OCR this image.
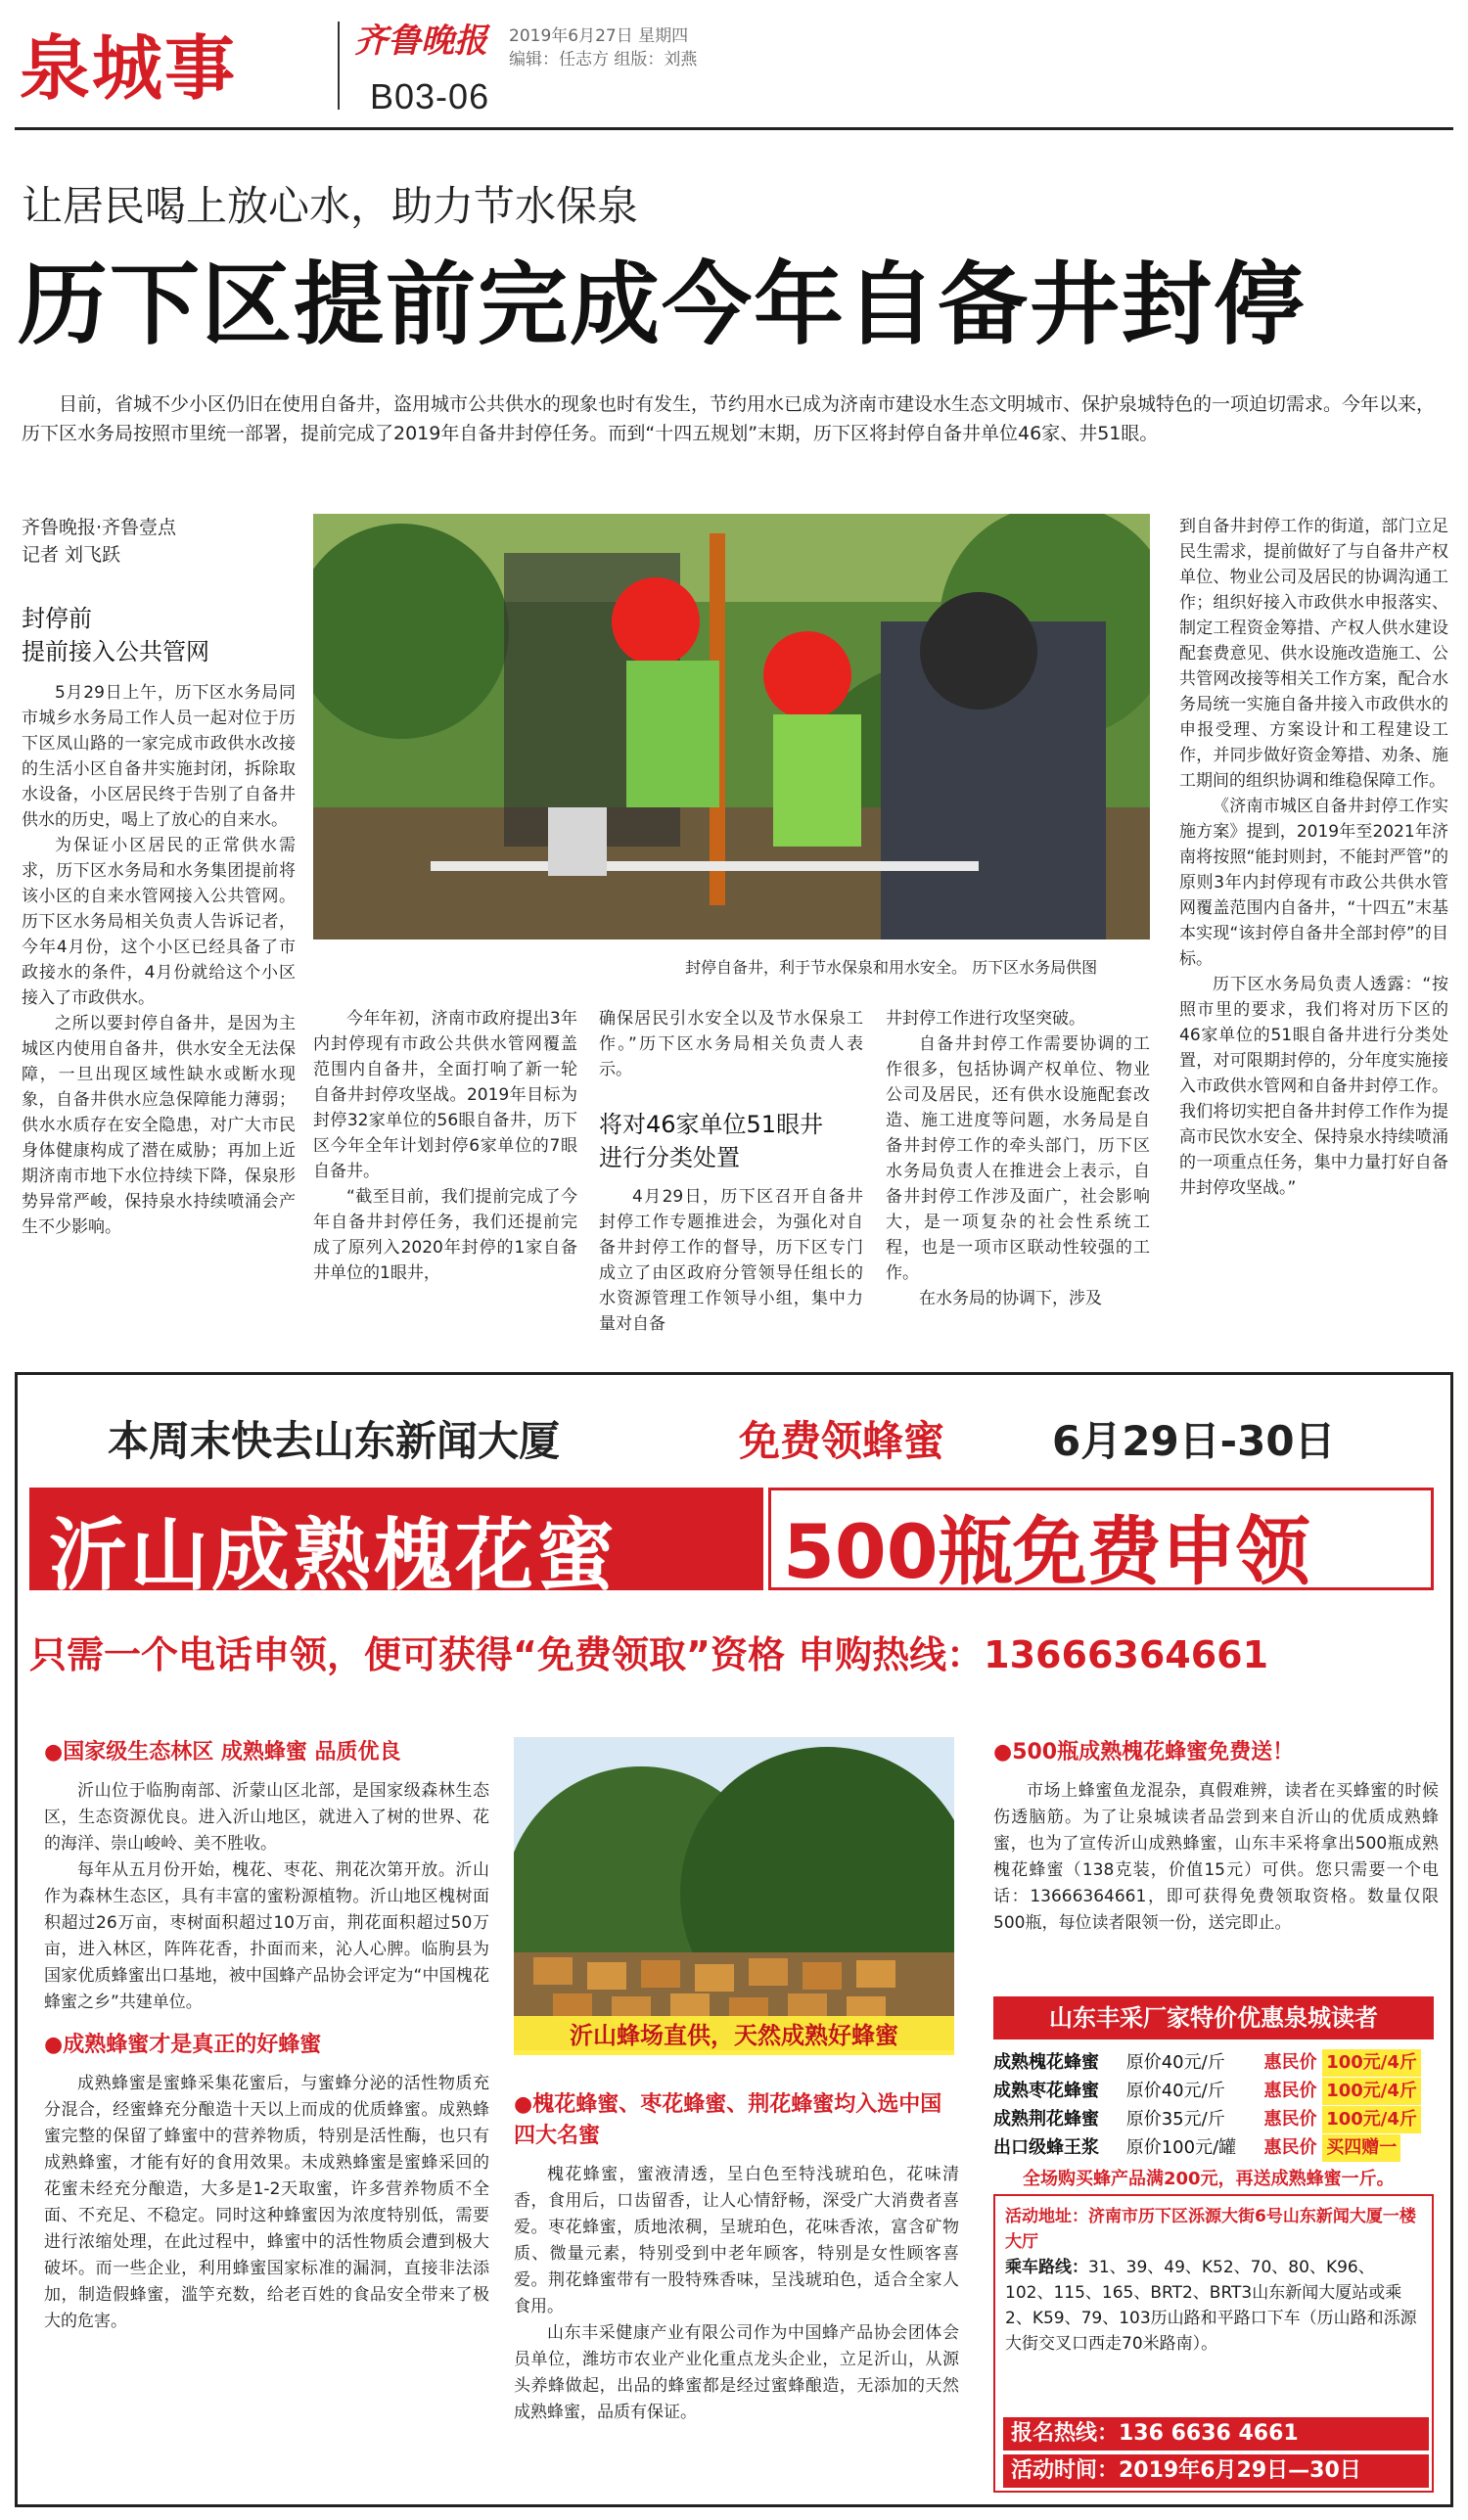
泉城事	齐鲁晚报 2019年6月27日 星期四
编辑：任志方 组版：刘燕
B03-06
让居民喝上放心水，助力节水保泉
历下区提前完成今年自备井封停
目前，省城不少小区仍旧在使用自备井，盗用城市公共供水的现象也时有发生，节约用水已成为济南市建设水生态文明城市、保护泉城特色的一项迫切需求。今年以来，历下区水务局按照市里统一部署，提前完成了2019年自备井封停任务。而到“十四五规划”末期，历下区将封停自备井单位46家、井51眼。
齐鲁晚报·齐鲁壹点
记者 刘飞跃
封停前
提前接入公共管网

5月29日上午，历下区水务局同市城乡水务局工作人员一起对位于历下区凤山路的一家完成市政供水改接的生活小区自备井实施封闭，拆除取水设备，小区居民终于告别了自备井供水的历史，喝上了放心的自来水。

为保证小区居民的正常供水需求，历下区水务局和水务集团提前将该小区的自来水管网接入公共管网。历下区水务局相关负责人告诉记者，今年4月份，这个小区已经具备了市政接水的条件，4月份就给这个小区接入了市政供水。

之所以要封停自备井，是因为主城区内使用自备井，供水安全无法保障，一旦出现区域性缺水或断水现象，自备井供水应急保障能力薄弱；供水水质存在安全隐患，对广大市民身体健康构成了潜在威胁；再加上近期济南市地下水位持续下降，保泉形势异常严峻，保持泉水持续喷涌会产生不少影响。

封停自备井，利于节水保泉和用水安全。 历下区水务局供图

今年年初，济南市政府提出3年内封停现有市政公共供水管网覆盖范围内自备井，全面打响了新一轮自备井封停攻坚战。2019年目标为封停32家单位的56眼自备井，历下区今年全年计划封停6家单位的7眼自备井。

“截至目前，我们提前完成了今年自备井封停任务，我们还提前完成了原列入2020年封停的1家自备井单位的1眼井，

确保居民引水安全以及节水保泉工作。”历下区水务局相关负责人表示。

将对46家单位51眼井
进行分类处置

4月29日，历下区召开自备井封停工作专题推进会，为强化对自备井封停工作的督导，历下区专门成立了由区政府分管领导任组长的水资源管理工作领导小组，集中力量对自备

井封停工作进行攻坚突破。

自备井封停工作需要协调的工作很多，包括协调产权单位、物业公司及居民，还有供水设施配套改造、施工进度等问题，水务局是自备井封停工作的牵头部门，历下区水务局负责人在推进会上表示，自备井封停工作涉及面广，社会影响大，是一项复杂的社会性系统工程，也是一项市区联动性较强的工作。

在水务局的协调下，涉及

到自备井封停工作的街道，部门立足民生需求，提前做好了与自备井产权单位、物业公司及居民的协调沟通工作；组织好接入市政供水申报落实、制定工程资金筹措、产权人供水建设配套费意见、供水设施改造施工、公共管网改接等相关工作方案，配合水务局统一实施自备井接入市政供水的申报受理、方案设计和工程建设工作，并同步做好资金筹措、劝条、施工期间的组织协调和维稳保障工作。

《济南市城区自备井封停工作实施方案》提到，2019年至2021年济南将按照“能封则封，不能封严管”的原则3年内封停现有市政公共供水管网覆盖范围内自备井，“十四五”末基本实现“该封停自备井全部封停”的目标。

历下区水务局负责人透露：“按照市里的要求，我们将对历下区的46家单位的51眼自备井进行分类处置，对可限期封停的，分年度实施接入市政供水管网和自备井封停工作。我们将切实把自备井封停工作作为提高市民饮水安全、保持泉水持续喷涌的一项重点任务，集中力量打好自备井封停攻坚战。”

本周末快去山东新闻大厦	免费领蜂蜜	6月29日-30日
沂山成熟槐花蜜 500瓶免费申领
只需一个电话申领，便可获得“免费领取”资格 申购热线：13666364661
●国家级生态林区 成熟蜂蜜 品质优良

沂山位于临朐南部、沂蒙山区北部，是国家级森林生态区，生态资源优良。进入沂山地区，就进入了树的世界、花的海洋、崇山峻岭、美不胜收。

每年从五月份开始，槐花、枣花、荆花次第开放。沂山作为森林生态区，具有丰富的蜜粉源植物。沂山地区槐树面积超过26万亩，枣树面积超过10万亩，荆花面积超过50万亩，进入林区，阵阵花香，扑面而来，沁人心脾。临朐县为国家优质蜂蜜出口基地，被中国蜂产品协会评定为“中国槐花蜂蜜之乡”共建单位。

●成熟蜂蜜才是真正的好蜂蜜

成熟蜂蜜是蜜蜂采集花蜜后，与蜜蜂分泌的活性物质充分混合，经蜜蜂充分酿造十天以上而成的优质蜂蜜。成熟蜂蜜完整的保留了蜂蜜中的营养物质，特别是活性酶，也只有成熟蜂蜜，才能有好的食用效果。未成熟蜂蜜是蜜蜂采回的花蜜未经充分酿造，大多是1-2天取蜜，许多营养物质不全面、不充足、不稳定。同时这种蜂蜜因为浓度特别低，需要进行浓缩处理，在此过程中，蜂蜜中的活性物质会遭到极大破坏。而一些企业，利用蜂蜜国家标准的漏洞，直接非法添加，制造假蜂蜜，滥竽充数，给老百姓的食品安全带来了极大的危害。

沂山蜂场直供，天然成熟好蜂蜜
●槐花蜂蜜、枣花蜂蜜、荆花蜂蜜均入选中国四大名蜜

槐花蜂蜜，蜜液清透，呈白色至特浅琥珀色，花味清香，食用后，口齿留香，让人心情舒畅，深受广大消费者喜爱。枣花蜂蜜，质地浓稠，呈琥珀色，花味香浓，富含矿物质、微量元素，特别受到中老年顾客，特别是女性顾客喜爱。荆花蜂蜜带有一股特殊香味，呈浅琥珀色，适合全家人食用。

山东丰采健康产业有限公司作为中国蜂产品协会团体会员单位，潍坊市农业产业化重点龙头企业，立足沂山，从源头养蜂做起，出品的蜂蜜都是经过蜜蜂酿造，无添加的天然成熟蜂蜜，品质有保证。

●500瓶成熟槐花蜂蜜免费送！

市场上蜂蜜鱼龙混杂，真假难辨，读者在买蜂蜜的时候伤透脑筋。为了让泉城读者品尝到来自沂山的优质成熟蜂蜜，也为了宣传沂山成熟蜂蜜，山东丰采将拿出500瓶成熟槐花蜂蜜（138克装，价值15元）可供。您只需要一个电话：13666364661，即可获得免费领取资格。数量仅限500瓶，每位读者限领一份，送完即止。

山东丰采厂家特价优惠泉城读者
成熟槐花蜂蜜 原价40元/斤 惠民价 100元/4斤
成熟枣花蜂蜜 原价40元/斤 惠民价 100元/4斤
成熟荆花蜂蜜 原价35元/斤 惠民价 100元/4斤
出口级蜂王浆 原价100元/罐 惠民价 买四赠一
全场购买蜂产品满200元，再送成熟蜂蜜一斤。
活动地址：济南市历下区泺源大街6号山东新闻大厦一楼大厅
乘车路线：31、39、49、K52、70、80、K96、102、115、165、BRT2、BRT3山东新闻大厦站或乘2、K59、79、103历山路和平路口下车（历山路和泺源大街交叉口西走70米路南）。
报名热线：136 6636 4661
活动时间：2019年6月29日—30日
